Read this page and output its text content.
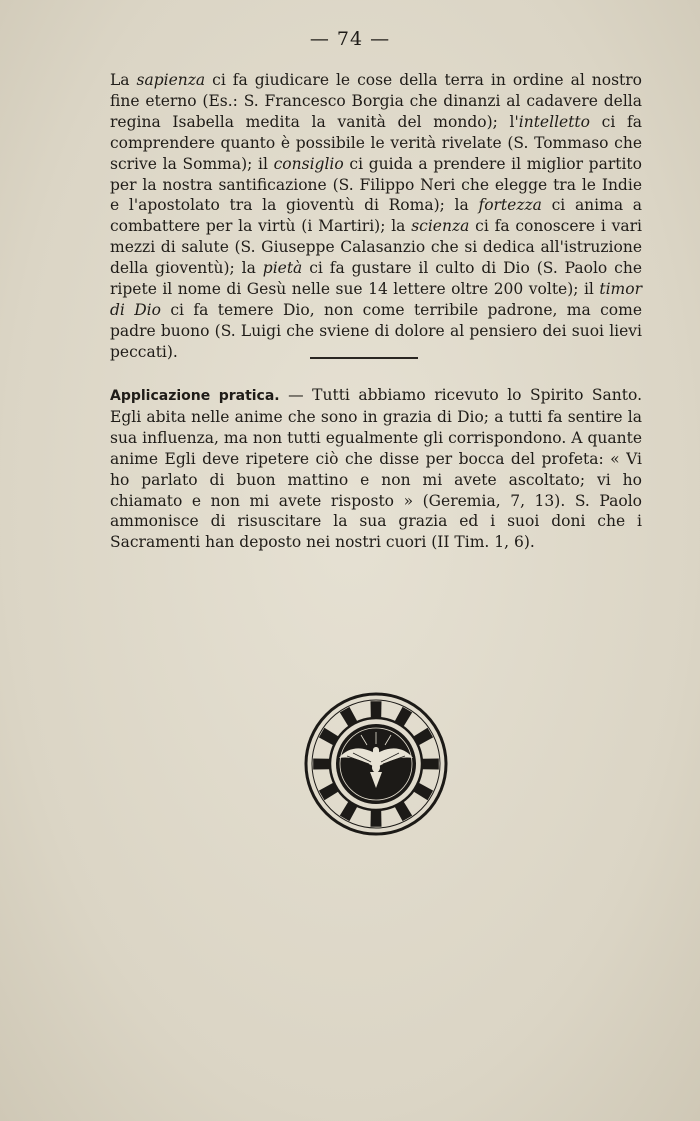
— 74 —

La sapienza ci fa giudicare le cose della terra in ordine al nostro fine eterno (Es.: S. Francesco Borgia che dinanzi al cadavere della regina Isabella medita la vanità del mondo); l'intelletto ci fa comprendere quanto è possibile le verità rivelate (S. Tommaso che scrive la Somma); il consiglio ci guida a prendere il miglior partito per la nostra santificazione (S. Filippo Neri che elegge tra le Indie e l'apostolato tra la gioventù di Roma); la fortezza ci anima a combattere per la virtù (i Martiri); la scienza ci fa conoscere i vari mezzi di salute (S. Giuseppe Calasanzio che si dedica all'istruzione della gioventù); la pietà ci fa gustare il culto di Dio (S. Paolo che ripete il nome di Gesù nelle sue 14 lettere oltre 200 volte); il timor di Dio ci fa temere Dio, non come terribile padrone, ma come padre buono (S. Luigi che sviene di dolore al pensiero dei suoi lievi peccati).

Applicazione pratica. — Tutti abbiamo ricevuto lo Spirito Santo. Egli abita nelle anime che sono in grazia di Dio; a tutti fa sentire la sua influenza, ma non tutti egualmente gli corrispondono. A quante anime Egli deve ripetere ciò che disse per bocca del profeta: « Vi ho parlato di buon mattino e non mi avete ascoltato; vi ho chiamato e non mi avete risposto » (Geremia, 7, 13). S. Paolo ammonisce di risuscitare la sua grazia ed i suoi doni che i Sacramenti han deposto nei nostri cuori (II Tim. 1, 6).
